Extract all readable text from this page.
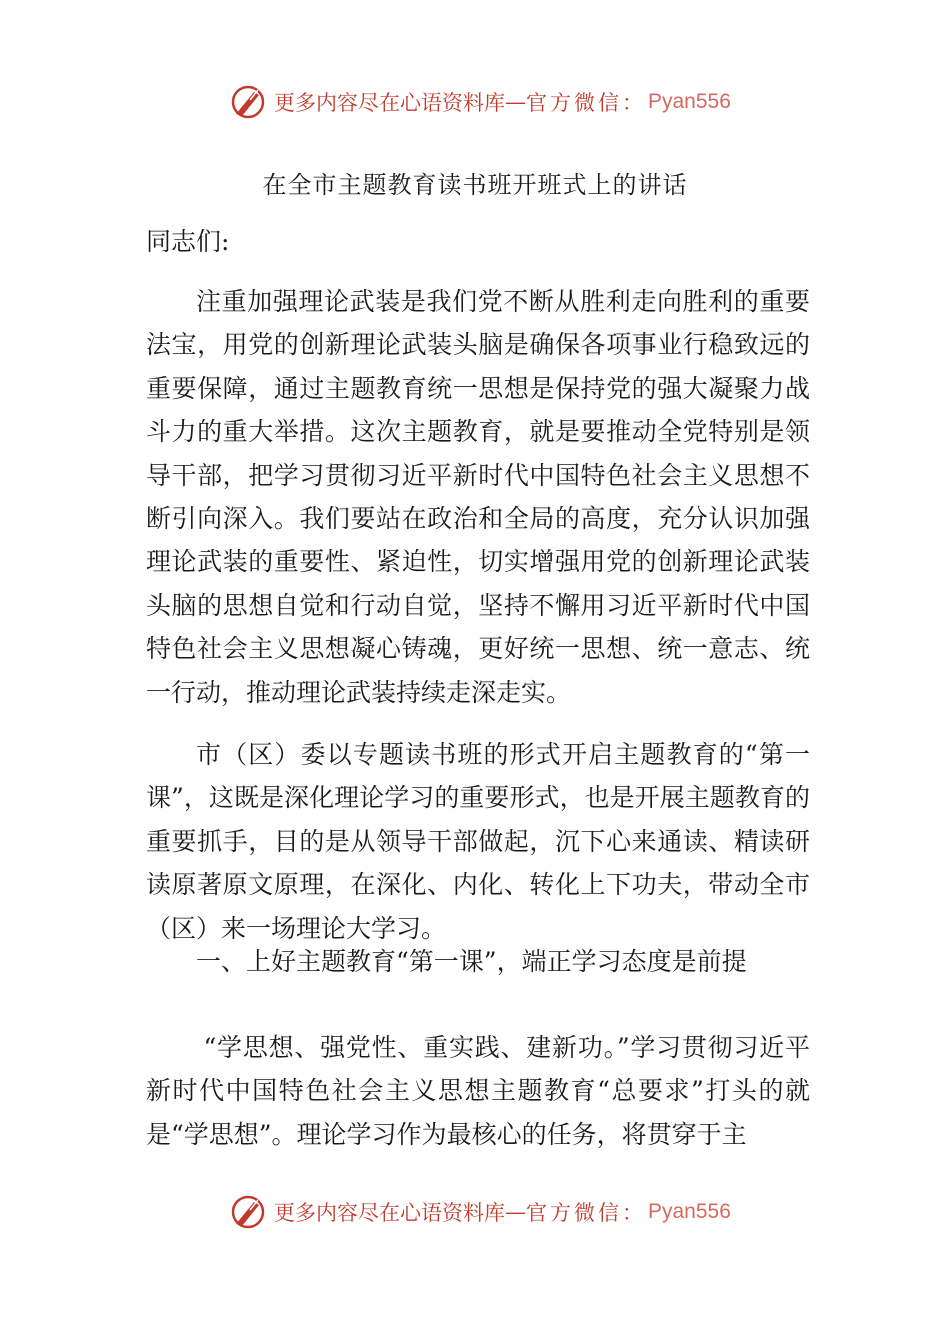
更多内容尽在心语资料库 — 官方微信： Pyan556
在全市主题教育读书班开班式上的讲话
同志们:

注重加强理论武装是我们党不断从胜利走向胜利的重要法宝，用党的创新理论武装头脑是确保各项事业行稳致远的重要保障，通过主题教育统一思想是保持党的强大凝聚力战斗力的重大举措。这次主题教育，就是要推动全党特别是领导干部，把学习贯彻习近平新时代中国特色社会主义思想不断引向深入。我们要站在政治和全局的高度，充分认识加强理论武装的重要性、紧迫性，切实增强用党的创新理论武装头脑的思想自觉和行动自觉，坚持不懈用习近平新时代中国特色社会主义思想凝心铸魂，更好统一思想、统一意志、统一行动，推动理论武装持续走深走实。

市（区）委以专题读书班的形式开启主题教育的“第一课”，这既是深化理论学习的重要形式，也是开展主题教育的重要抓手，目的是从领导干部做起，沉下心来通读、精读研读原著原文原理，在深化、内化、转化上下功夫，带动全市（区）来一场理论大学习。

一、上好主题教育“第一课”，端正学习态度是前提

“学思想、强党性、重实践、建新功。”学习贯彻习近平新时代中国特色社会主义思想主题教育“总要求”打头的就是“学思想”。理论学习作为最核心的任务，将贯穿于主

更多内容尽在心语资料库 — 官方微信： Pyan556
